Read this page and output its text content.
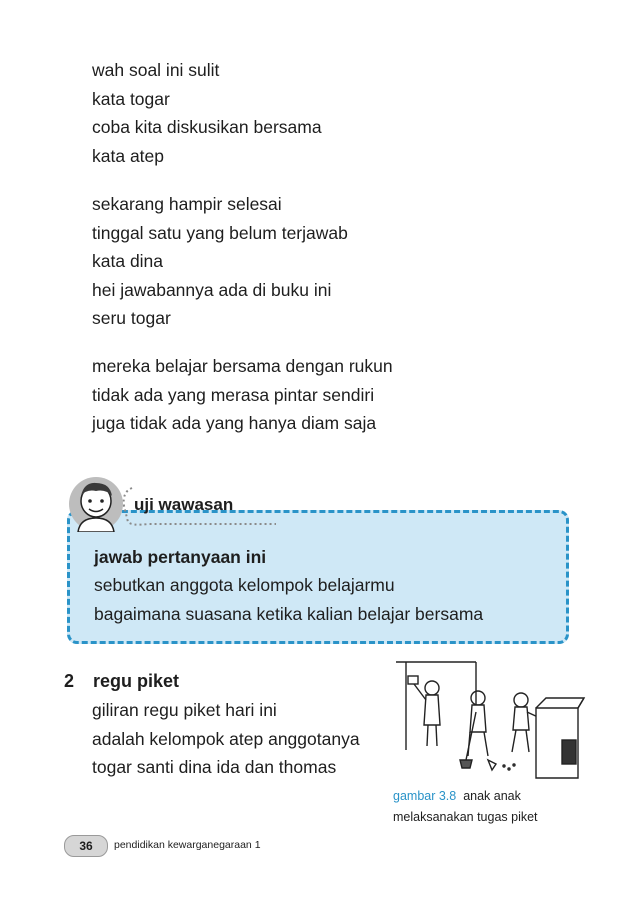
wah soal ini sulit
kata togar
coba kita diskusikan bersama
kata atep
sekarang hampir selesai
tinggal satu yang belum terjawab
kata dina
hei jawabannya ada di buku ini
seru togar
mereka belajar bersama dengan rukun
tidak ada yang merasa pintar sendiri
juga tidak ada yang hanya diam saja
uji wawasan
jawab pertanyaan ini
sebutkan anggota kelompok belajarmu
bagaimana suasana ketika kalian belajar bersama
2 regu piket
giliran regu piket hari ini
adalah kelompok atep anggotanya
togar santi dina ida dan thomas
gambar 3.8 anak anak
melaksanakan tugas piket
36	pendidikan kewarganegaraan 1
